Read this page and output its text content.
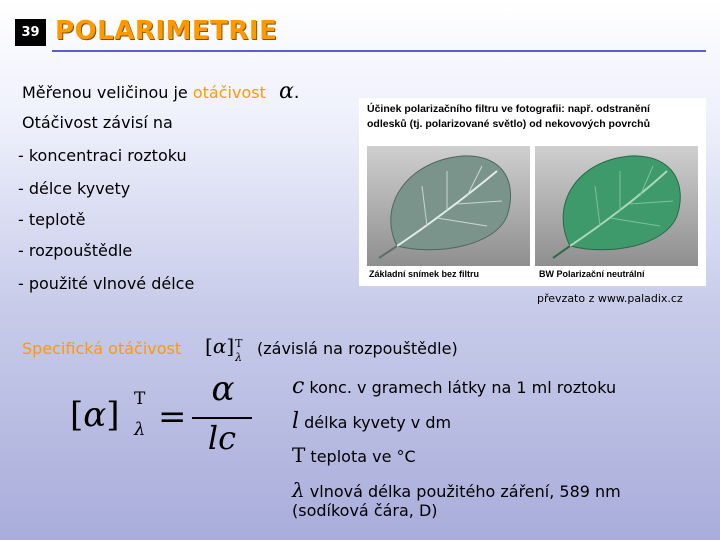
39 POLARIMETRIE
Měřenou veličinou je otáčivost α.
Otáčivost závisí na
- koncentraci roztoku
- délce kyvety
- teplotě
- rozpouštědle
- použité vlnové délce
Účinek polarizačního filtru ve fotografii: např. odstranění
odlesků (tj. polarizované světlo) od nekovových povrchů
Základní snímek bez filtru	BW Polarizační neutrální
převzato z www.paladix.cz
Specifická otáčivost [α] T
λ (závislá na rozpouštědle)
[α] T
λ =
α
lc
c konc. v gramech látky na 1 ml roztoku
l délka kyvety v dm
T teplota ve °C
λ vlnová délka použitého záření, 589 nm
(sodíková čára, D)
